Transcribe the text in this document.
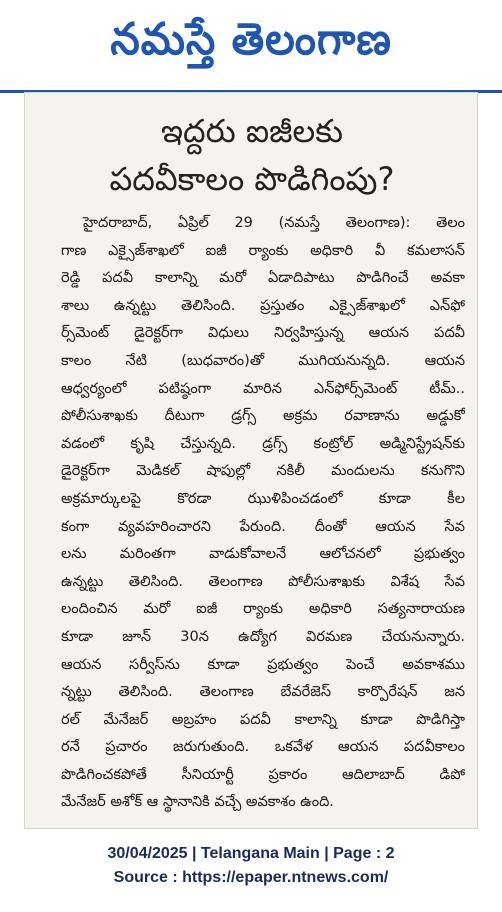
నమస్తే తెలంగాణ
ఇద్దరు ఐజీలకు
పదవీకాలం పొడిగింపు?
హైదరాబాద్, ఏప్రిల్ 29 (నమస్తే తెలంగాణ): తెలం
గాణ ఎక్సైజ్‌శాఖలో ఐజీ ర్యాంకు అధికారి వీ కమలాసన్
రెడ్డి పదవీ కాలాన్ని మరో ఏడాదిపాటు పొడిగించే అవకా
శాలు ఉన్నట్టు తెలిసింది. ప్రస్తుతం ఎక్సైజ్‌శాఖలో ఎన్‌ఫో
ర్స్‌మెంట్ డైరెక్టర్‌గా విధులు నిర్వహిస్తున్న ఆయన పదవీ
కాలం నేటి (బుధవారం)తో ముగియనున్నది. ఆయన
ఆధ్వర్యంలో పటిష్ఠంగా మారిన ఎన్‌ఫోర్స్‌మెంట్ టీమ్..
పోలీసుశాఖకు దీటుగా డ్రగ్స్ అక్రమ రవాణాను అడ్డుకో
వడంలో కృషి చేస్తున్నది. డ్రగ్స్ కంట్రోల్ అడ్మినిస్ట్రేషన్‌కు
డైరెక్టర్‌గా మెడికల్ షాపుల్లో నకిలీ మందులను కనుగొని
అక్రమార్కులపై కొరడా ఝుళిపించడంలో కూడా కీల
కంగా వ్యవహరించారని పేరుంది. దీంతో ఆయన సేవ
లను మరింతగా వాడుకోవాలనే ఆలోచనలో ప్రభుత్వం
ఉన్నట్టు తెలిసింది. తెలంగాణ పోలీసుశాఖకు విశేష సేవ
లందించిన మరో ఐజీ ర్యాంకు అధికారి సత్యనారాయణ
కూడా జూన్ 30న ఉద్యోగ విరమణ చేయనున్నారు.
ఆయన సర్వీస్‌ను కూడా ప్రభుత్వం పెంచే అవకాశము
న్నట్టు తెలిసింది. తెలంగాణ బేవరేజెస్ కార్పొరేషన్ జన
రల్ మేనేజర్ అబ్రహం పదవీ కాలాన్ని కూడా పొడిగిస్తా
రనే ప్రచారం జరుగుతుంది. ఒకవేళ ఆయన పదవీకాలం
పొడిగించకపోతే సీనియార్టీ ప్రకారం ఆదిలాబాద్ డిపో
మేనేజర్ అశోక్ ఆ స్థానానికి వచ్చే అవకాశం ఉంది.
30/04/2025 | Telangana Main | Page : 2
Source : https://epaper.ntnews.com/
